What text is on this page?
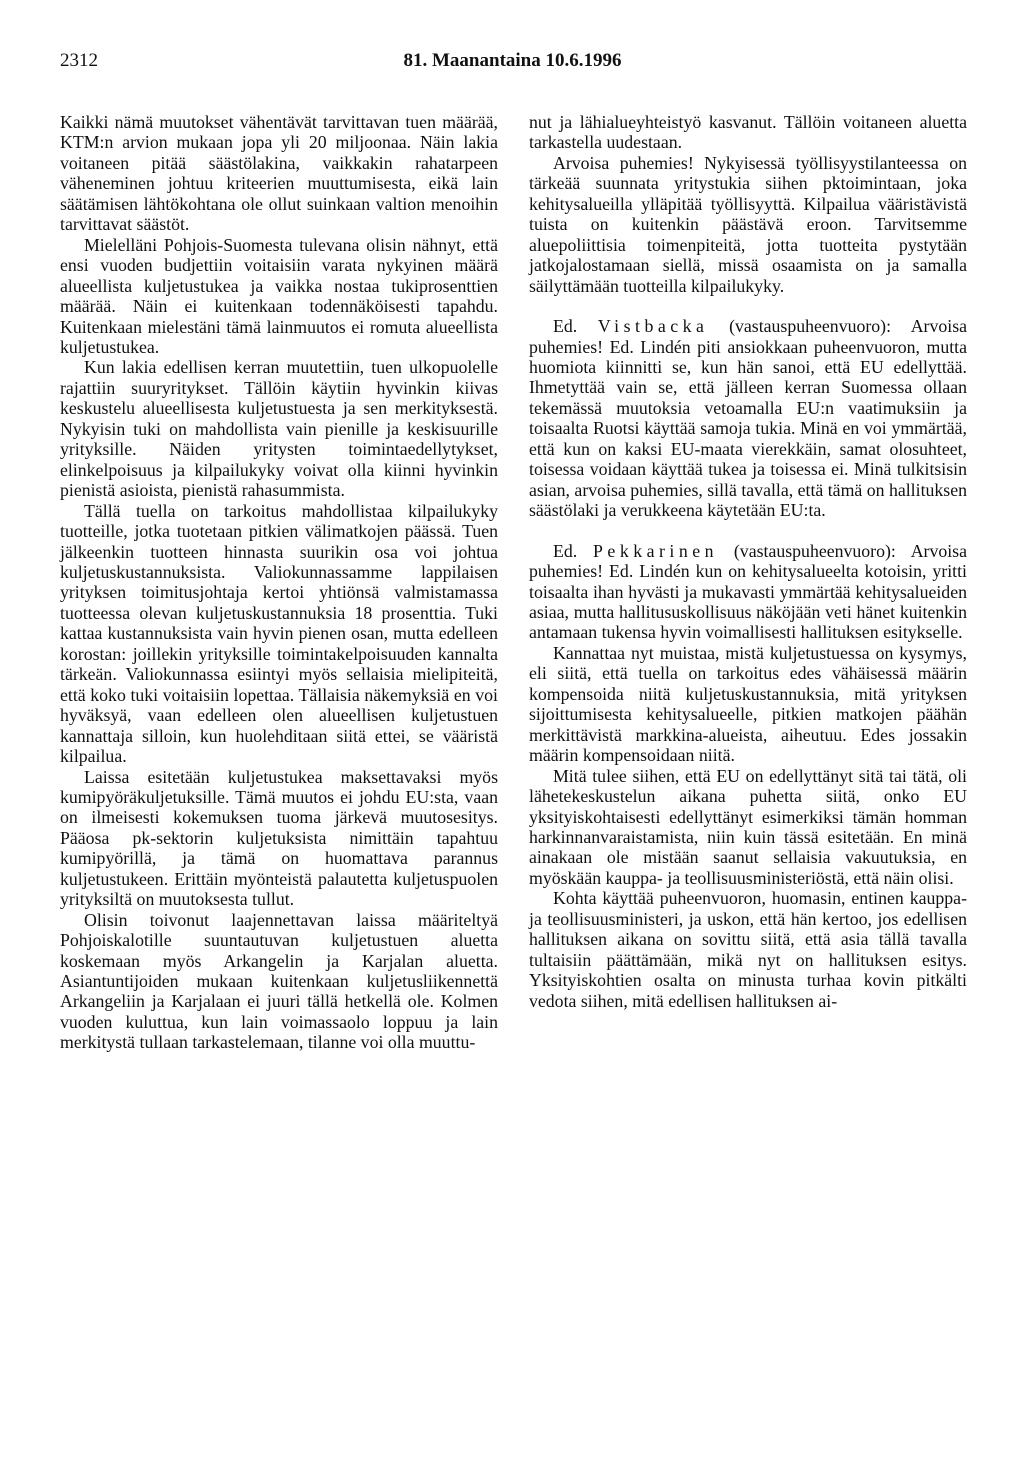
2312	81. Maanantaina 10.6.1996

Kaikki nämä muutokset vähentävät tarvittavan tuen määrää, KTM:n arvion mukaan jopa yli 20 miljoonaa. Näin lakia voitaneen pitää säästölakina, vaikkakin rahatarpeen väheneminen johtuu kriteerien muuttumisesta, eikä lain säätämisen lähtökohtana ole ollut suinkaan valtion menoihin tarvittavat säästöt.

Mielelläni Pohjois-Suomesta tulevana olisin nähnyt, että ensi vuoden budjettiin voitaisiin varata nykyinen määrä alueellista kuljetustukea ja vaikka nostaa tukiprosenttien määrää. Näin ei kuitenkaan todennäköisesti tapahdu. Kuitenkaan mielestäni tämä lainmuutos ei romuta alueellista kuljetustukea.

Kun lakia edellisen kerran muutettiin, tuen ulkopuolelle rajattiin suuryritykset. Tällöin käytiin hyvinkin kiivas keskustelu alueellisesta kuljetustuesta ja sen merkityksestä. Nykyisin tuki on mahdollista vain pienille ja keskisuurille yrityksille. Näiden yritysten toimintaedellytykset, elinkelpoisuus ja kilpailukyky voivat olla kiinni hyvinkin pienistä asioista, pienistä rahasummista.

Tällä tuella on tarkoitus mahdollistaa kilpailukyky tuotteille, jotka tuotetaan pitkien välimatkojen päässä. Tuen jälkeenkin tuotteen hinnasta suurikin osa voi johtua kuljetuskustannuksista. Valiokunnassamme lappilaisen yrityksen toimitusjohtaja kertoi yhtiönsä valmistamassa tuotteessa olevan kuljetuskustannuksia 18 prosenttia. Tuki kattaa kustannuksista vain hyvin pienen osan, mutta edelleen korostan: joillekin yrityksille toimintakelpoisuuden kannalta tärkeän. Valiokunnassa esiintyi myös sellaisia mielipiteitä, että koko tuki voitaisiin lopettaa. Tällaisia näkemyksiä en voi hyväksyä, vaan edelleen olen alueellisen kuljetustuen kannattaja silloin, kun huolehditaan siitä ettei, se vääristä kilpailua.

Laissa esitetään kuljetustukea maksettavaksi myös kumipyöräkuljetuksille. Tämä muutos ei johdu EU:sta, vaan on ilmeisesti kokemuksen tuoma järkevä muutosesitys. Pääosa pk-sektorin kuljetuksista nimittäin tapahtuu kumipyörillä, ja tämä on huomattava parannus kuljetustukeen. Erittäin myönteistä palautetta kuljetuspuolen yrityksiltä on muutoksesta tullut.

Olisin toivonut laajennettavan laissa määriteltyä Pohjoiskalotille suuntautuvan kuljetustuen aluetta koskemaan myös Arkangelin ja Karjalan aluetta. Asiantuntijoiden mukaan kuitenkaan kuljetusliikennettä Arkangeliin ja Karjalaan ei juuri tällä hetkellä ole. Kolmen vuoden kuluttua, kun lain voimassaolo loppuu ja lain merkitystä tullaan tarkastelemaan, tilanne voi olla muuttu-

nut ja lähialueyhteistyö kasvanut. Tällöin voitaneen aluetta tarkastella uudestaan.

Arvoisa puhemies! Nykyisessä työllisyystilanteessa on tärkeää suunnata yritystukia siihen pktoimintaan, joka kehitysalueilla ylläpitää työllisyyttä. Kilpailua vääristävistä tuista on kuitenkin päästävä eroon. Tarvitsemme aluepoliittisia toimenpiteitä, jotta tuotteita pystytään jatkojalostamaan siellä, missä osaamista on ja samalla säilyttämään tuotteilla kilpailukyky.

Ed. Vistbacka (vastauspuheenvuoro): Arvoisa puhemies! Ed. Lindén piti ansiokkaan puheenvuoron, mutta huomiota kiinnitti se, kun hän sanoi, että EU edellyttää. Ihmetyttää vain se, että jälleen kerran Suomessa ollaan tekemässä muutoksia vetoamalla EU:n vaatimuksiin ja toisaalta Ruotsi käyttää samoja tukia. Minä en voi ymmärtää, että kun on kaksi EU-maata vierekkäin, samat olosuhteet, toisessa voidaan käyttää tukea ja toisessa ei. Minä tulkitsisin asian, arvoisa puhemies, sillä tavalla, että tämä on hallituksen säästölaki ja verukkeena käytetään EU:ta.

Ed. Pekkarinen (vastauspuheenvuoro): Arvoisa puhemies! Ed. Lindén kun on kehitysalueelta kotoisin, yritti toisaalta ihan hyvästi ja mukavasti ymmärtää kehitysalueiden asiaa, mutta hallitususkollisuus näköjään veti hänet kuitenkin antamaan tukensa hyvin voimallisesti hallituksen esitykselle.

Kannattaa nyt muistaa, mistä kuljetustuessa on kysymys, eli siitä, että tuella on tarkoitus edes vähäisessä määrin kompensoida niitä kuljetuskustannuksia, mitä yrityksen sijoittumisesta kehitysalueelle, pitkien matkojen päähän merkittävistä markkina-alueista, aiheutuu. Edes jossakin määrin kompensoidaan niitä.

Mitä tulee siihen, että EU on edellyttänyt sitä tai tätä, oli lähetekeskustelun aikana puhetta siitä, onko EU yksityiskohtaisesti edellyttänyt esimerkiksi tämän homman harkinnanvaraistamista, niin kuin tässä esitetään. En minä ainakaan ole mistään saanut sellaisia vakuutuksia, en myöskään kauppa- ja teollisuusministeriöstä, että näin olisi.

Kohta käyttää puheenvuoron, huomasin, entinen kauppa- ja teollisuusministeri, ja uskon, että hän kertoo, jos edellisen hallituksen aikana on sovittu siitä, että asia tällä tavalla tultaisiin päättämään, mikä nyt on hallituksen esitys. Yksityiskohtien osalta on minusta turhaa kovin pitkälti vedota siihen, mitä edellisen hallituksen ai-
